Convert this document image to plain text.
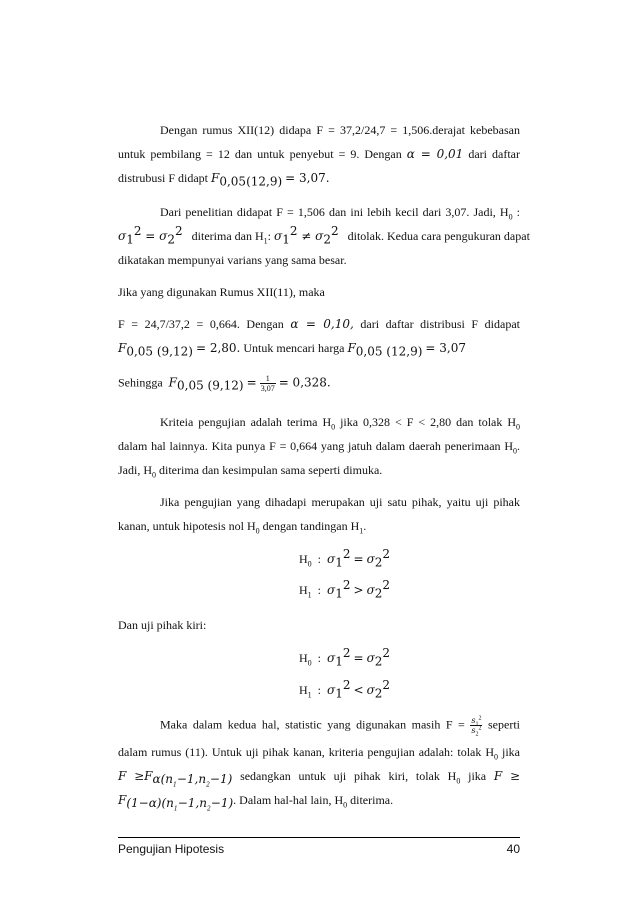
Dengan rumus XII(12) didapa F = 37,2/24,7 = 1,506.derajat kebebasan
untuk pembilang = 12 dan untuk penyebut = 9. Dengan α = 0,01 dari daftar
distrubusi F didapt $F_{0,05(12,9)} = 3,07$.
Dari penelitian didapat F = 1,506 dan ini lebih kecil dari 3,07. Jadi, $H_0$ :
$\sigma_1^2 = \sigma_2^2$ diterima dan $H_1$: $\sigma_1^2 \ne \sigma_2^2$ ditolak. Kedua cara pengukuran dapat
dikatakan mempunyai varians yang sama besar.
Jika yang digunakan Rumus XII(11), maka
F = 24,7/37,2 = 0,664. Dengan α = 0,10, dari daftar distribusi F didapat
$F_{0,05 (9,12)} = 2,80$. Untuk mencari harga $F_{0,05 (12,9)} = 3,07$
Sehingga $F_{0,05 (9,12)} = \frac{1}{3,07} = 0,328$.
Kriteia pengujian adalah terima $H_0$ jika 0,328 < F < 2,80 dan tolak $H_0$
dalam hal lainnya. Kita punya F = 0,664 yang jatuh dalam daerah penerimaan $H_0$.
Jadi, $H_0$ diterima dan kesimpulan sama seperti dimuka.
Jika pengujian yang dihadapi merupakan uji satu pihak, yaitu uji pihak
kanan, untuk hipotesis nol $H_0$ dengan tandingan $H_1$.
$H_0$ : $\sigma_1^2 = \sigma_2^2$
$H_1$ : $\sigma_1^2 > \sigma_2^2$
Dan uji pihak kiri:
$H_0$ : $\sigma_1^2 = \sigma_2^2$
$H_1$ : $\sigma_1^2 < \sigma_2^2$
Maka dalam kedua hal, statistic yang digunakan masih $F = \frac{s_1^2}{s_2^2}$ seperti
dalam rumus (11). Untuk uji pihak kanan, kriteria pengujian adalah: tolak $H_0$ jika
$F \ge F_{\alpha(n_1-1,n_2-1)}$ sedangkan untuk uji pihak kiri, tolak $H_0$ jika F ≥
$F_{(1-\alpha)(n_1-1,n_2-1)}$. Dalam hal-hal lain, $H_0$ diterima.
Pengujian Hipotesis	40
